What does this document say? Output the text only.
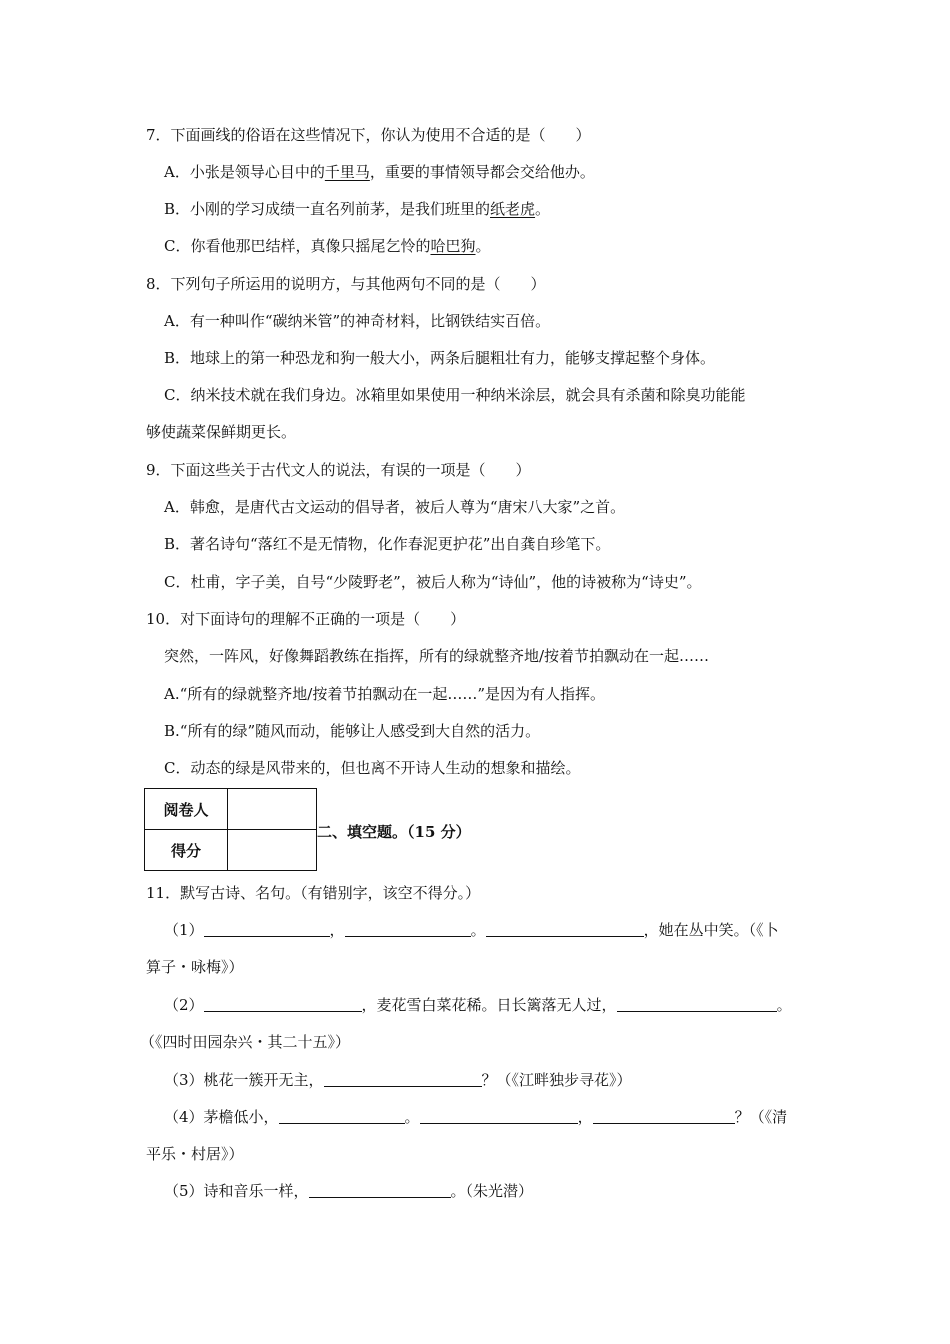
7．下面画线的俗语在这些情况下，你认为使用不合适的是（　　）
A．小张是领导心目中的千里马，重要的事情领导都会交给他办。
B．小刚的学习成绩一直名列前茅，是我们班里的纸老虎。
C．你看他那巴结样，真像只摇尾乞怜的哈巴狗。
8．下列句子所运用的说明方，与其他两句不同的是（　　）
A．有一种叫作“碳纳米管”的神奇材料，比钢铁结实百倍。
B．地球上的第一种恐龙和狗一般大小，两条后腿粗壮有力，能够支撑起整个身体。
C．纳米技术就在我们身边。冰箱里如果使用一种纳米涂层，就会具有杀菌和除臭功能能
够使蔬菜保鲜期更长。
9．下面这些关于古代文人的说法，有误的一项是（　　）
A．韩愈，是唐代古文运动的倡导者，被后人尊为“唐宋八大家”之首。
B．著名诗句“落红不是无情物，化作春泥更护花”出自龚自珍笔下。
C．杜甫，字子美，自号“少陵野老”，被后人称为“诗仙”，他的诗被称为“诗史”。
10．对下面诗句的理解不正确的一项是（　　）
突然，一阵风，好像舞蹈教练在指挥，所有的绿就整齐地/按着节拍飘动在一起……
A.“所有的绿就整齐地/按着节拍飘动在一起……”是因为有人指挥。
B.“所有的绿”随风而动，能够让人感受到大自然的活力。
C．动态的绿是风带来的，但也离不开诗人生动的想象和描绘。
阅卷人	
得分	
二、填空题。（15 分）
11．默写古诗、名句。（有错别字，该空不得分。）
（1）	，	。	，她在丛中笑。（《卜
算子・咏梅》）
（2）	，麦花雪白菜花稀。日长篱落无人过，	。
（《四时田园杂兴・其二十五》）
（3）桃花一簇开无主，	？（《江畔独步寻花》）
（4）茅檐低小，	。	，	？（《清
平乐・村居》）
（5）诗和音乐一样，	。（朱光潜）
